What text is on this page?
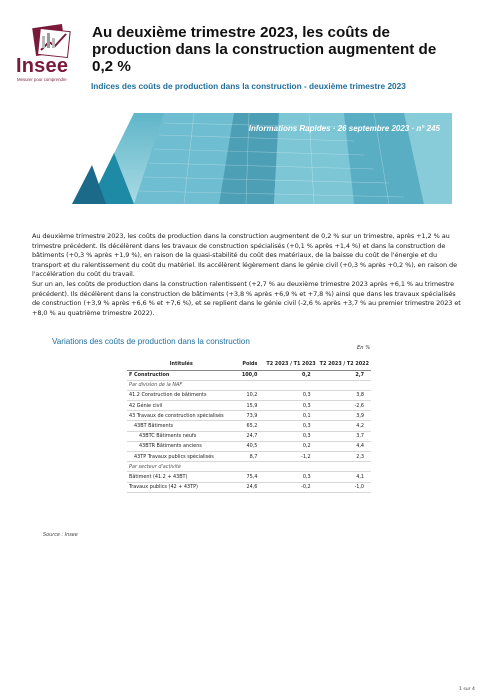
Insee
Mesurer pour comprendre
Au deuxième trimestre 2023, les coûts de production dans la construction augmentent de 0,2 %
Indices des coûts de production dans la construction - deuxième trimestre 2023
Informations Rapides · 26 septembre 2023 · n° 245

Au deuxième trimestre 2023, les coûts de production dans la construction augmentent de 0,2 % sur un trimestre, après +1,2 % au trimestre précédent. Ils décélèrent dans les travaux de construction spécialisés (+0,1 % après +1,4 %) et dans la construction de bâtiments (+0,3 % après +1,9 %), en raison de la quasi-stabilité du coût des matériaux, de la baisse du coût de l'énergie et du transport et du ralentissement du coût du matériel. Ils accélèrent légèrement dans le génie civil (+0,3 % après +0,2 %), en raison de l'accélération du coût du travail.

Sur un an, les coûts de production dans la construction ralentissent (+2,7 % au deuxième trimestre 2023 après +6,1 % au trimestre précédent). Ils décélèrent dans la construction de bâtiments (+3,8 % après +6,9 % et +7,8 %) ainsi que dans les travaux spécialisés de construction (+3,9 % après +6,6 % et +7,6 %), et se replient dans le génie civil (-2,6 % après +3,7 % au premier trimestre 2023 et +8,0 % au quatrième trimestre 2022).

Variations des coûts de production dans la construction
En %
Intitulés	Poids	T2 2023 / T1 2023	T2 2023 / T2 2022
F Construction	100,0	0,2	2,7
Par division de la NAF			
41.2 Construction de bâtiments	10,2	0,3	3,8
42 Génie civil	15,9	0,3	-2,6
43 Travaux de construction spécialisés	73,9	0,1	3,9
43BT Bâtiments	65,2	0,3	4,2
43BTC Bâtiments neufs	24,7	0,3	3,7
43BTR Bâtiments anciens	40,5	0,2	4,4
43TP Travaux publics spécialisés	8,7	-1,2	2,3
Par secteur d'activité			
Bâtiment (41.2 + 43BT)	75,4	0,3	4,1
Travaux publics (42 + 43TP)	24,6	-0,2	-1,0
Source : Insee
1 sur 4
